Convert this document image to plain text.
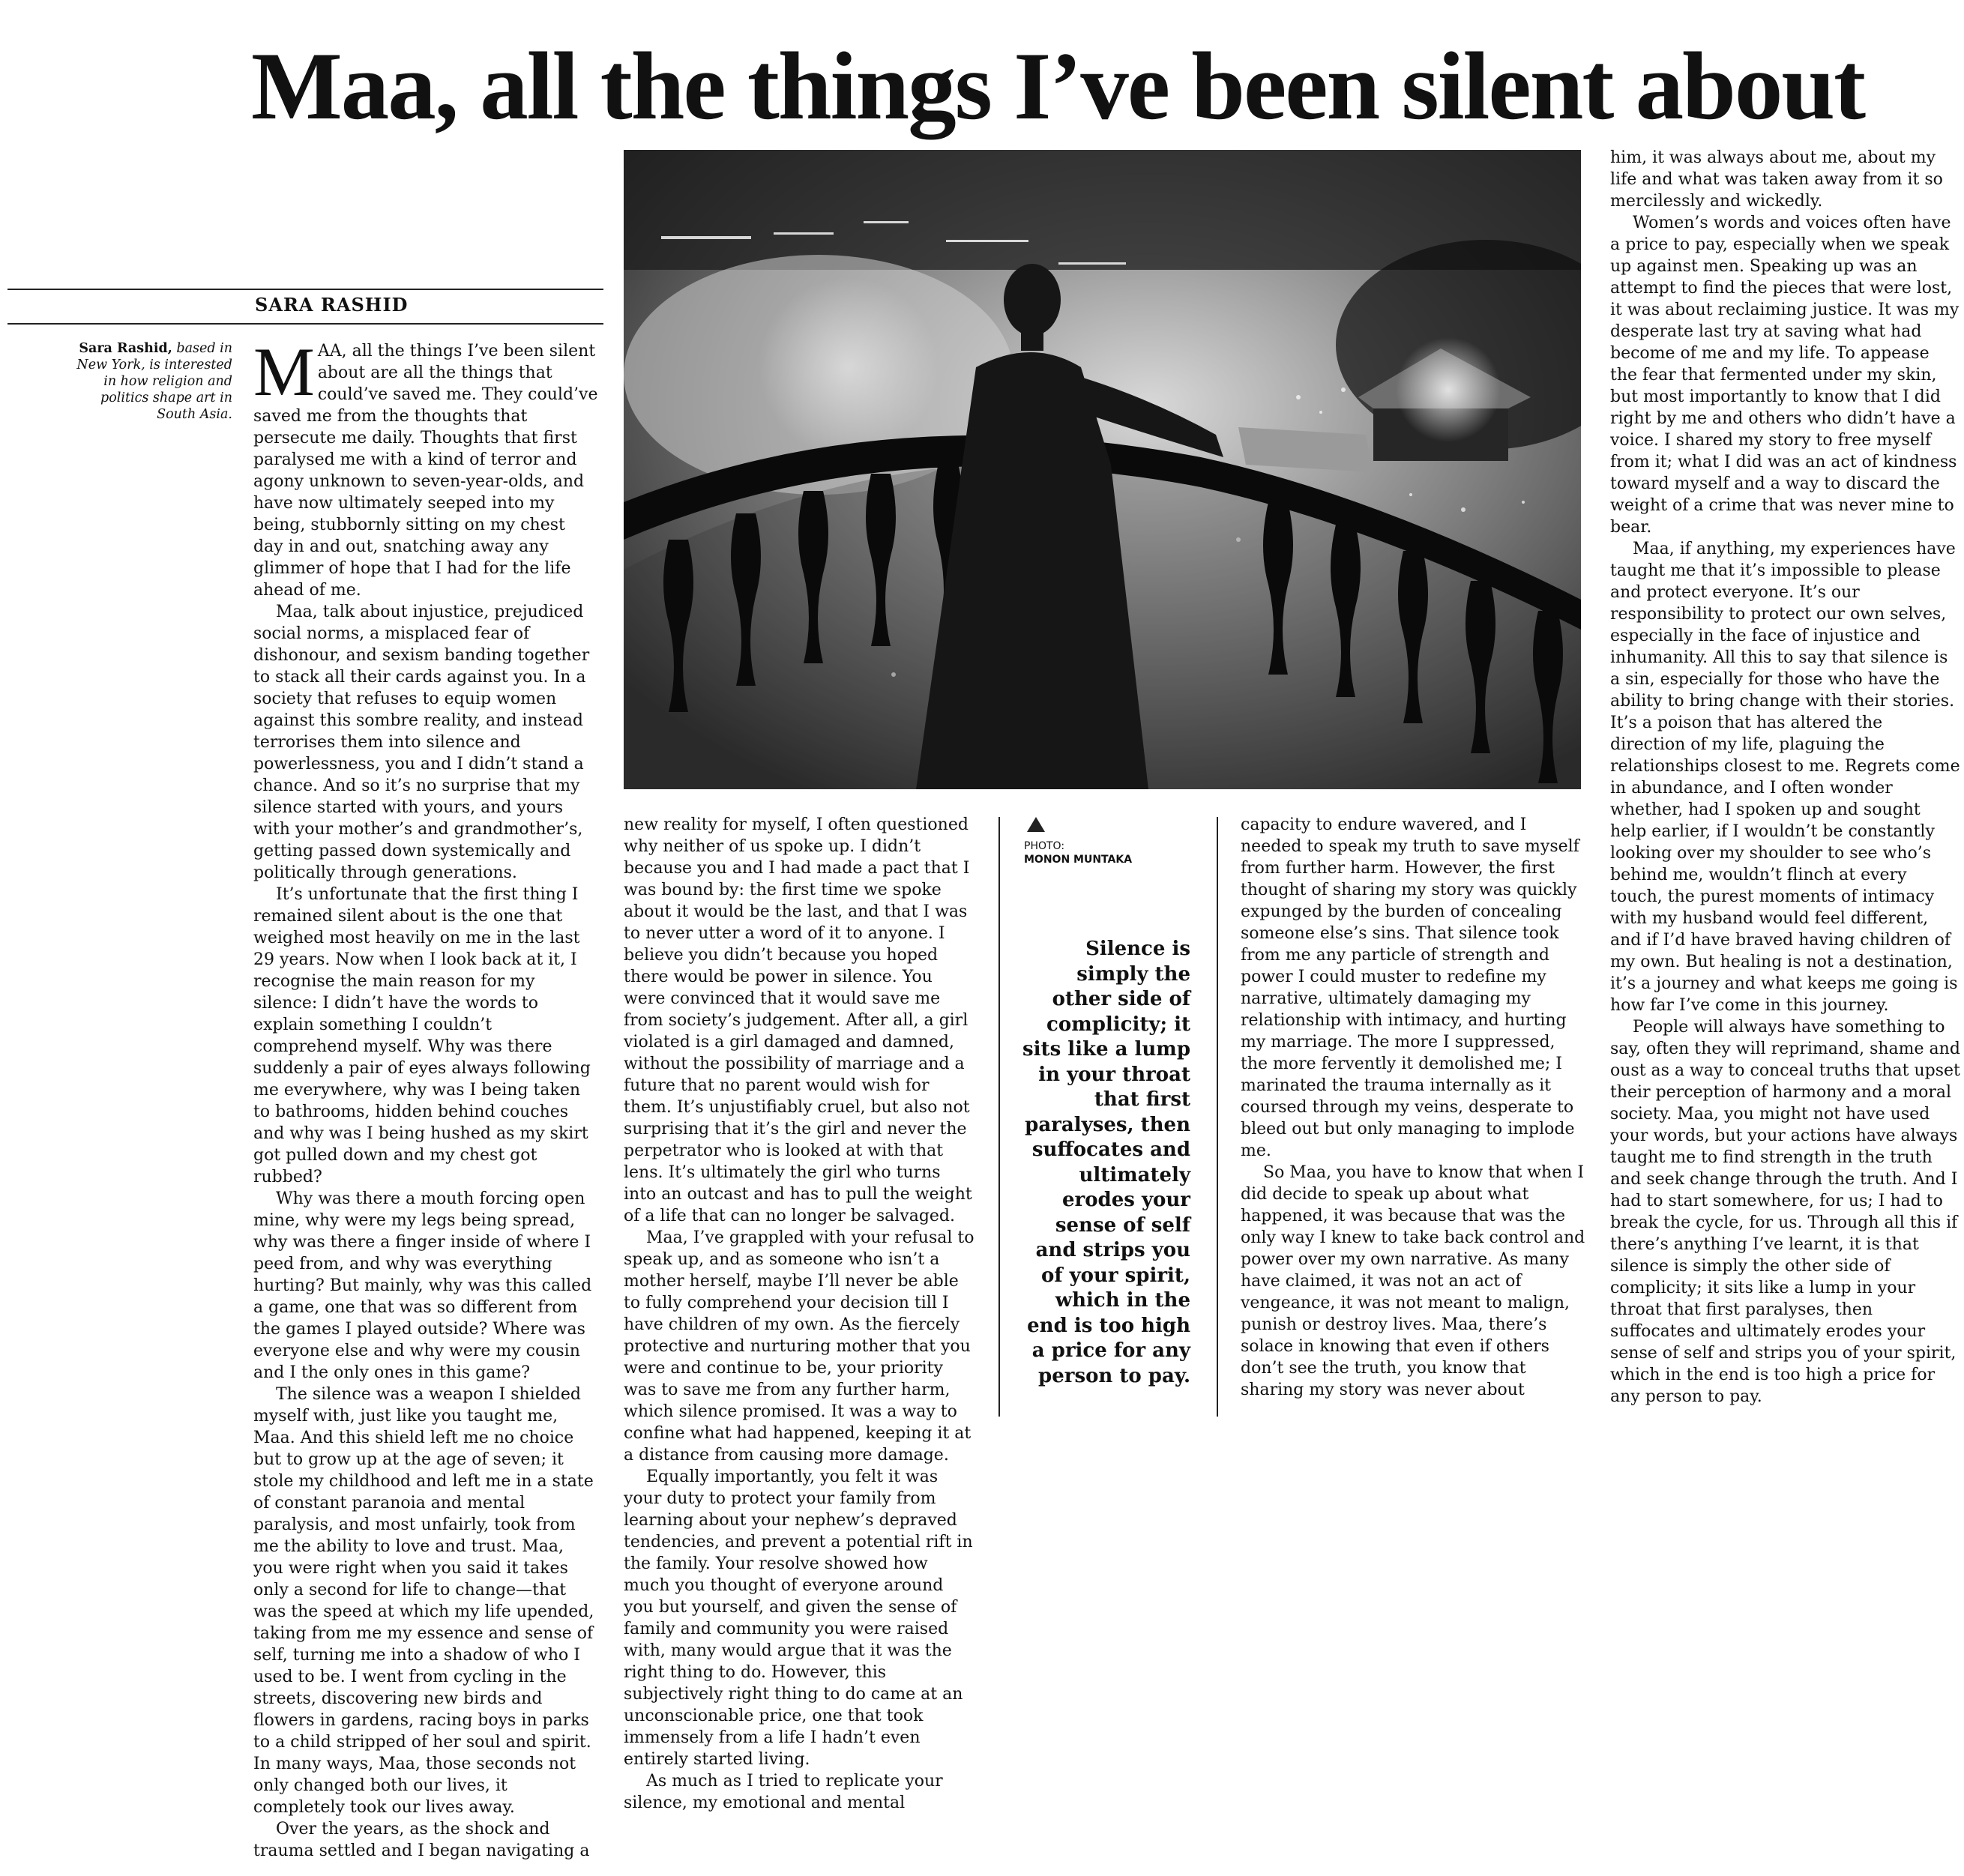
Maa, all the things I’ve been silent about
SARA RASHID
Sara Rashid, based in New York, is interested in how religion and politics shape art in South Asia.

MAA, all the things I’ve been silent about are all the things that could’ve saved me. They could’ve saved me from the thoughts that persecute me daily. Thoughts that first paralysed me with a kind of terror and agony unknown to seven-year-olds, and have now ultimately seeped into my being, stubbornly sitting on my chest day in and out, snatching away any glimmer of hope that I had for the life ahead of me.

Maa, talk about injustice, prejudiced social norms, a misplaced fear of dishonour, and sexism banding together to stack all their cards against you. In a society that refuses to equip women against this sombre reality, and instead terrorises them into silence and powerlessness, you and I didn’t stand a chance. And so it’s no surprise that my silence started with yours, and yours with your mother’s and grandmother’s, getting passed down systemically and politically through generations.

It’s unfortunate that the first thing I remained silent about is the one that weighed most heavily on me in the last 29 years. Now when I look back at it, I recognise the main reason for my silence: I didn’t have the words to explain something I couldn’t comprehend myself. Why was there suddenly a pair of eyes always following me everywhere, why was I being taken to bathrooms, hidden behind couches and why was I being hushed as my skirt got pulled down and my chest got rubbed?

Why was there a mouth forcing open mine, why were my legs being spread, why was there a finger inside of where I peed from, and why was everything hurting? But mainly, why was this called a game, one that was so different from the games I played outside? Where was everyone else and why were my cousin and I the only ones in this game?

The silence was a weapon I shielded myself with, just like you taught me, Maa. And this shield left me no choice but to grow up at the age of seven; it stole my childhood and left me in a state of constant paranoia and mental paralysis, and most unfairly, took from me the ability to love and trust. Maa, you were right when you said it takes only a second for life to change—that was the speed at which my life upended, taking from me my essence and sense of self, turning me into a shadow of who I used to be. I went from cycling in the streets, discovering new birds and flowers in gardens, racing boys in parks to a child stripped of her soul and spirit. In many ways, Maa, those seconds not only changed both our lives, it completely took our lives away.

Over the years, as the shock and trauma settled and I began navigating a

PHOTO:
MONON MUNTAKA
Silence is simply the other side of complicity; it sits like a lump in your throat that first paralyses, then suffocates and ultimately erodes your sense of self and strips you of your spirit, which in the end is too high a price for any person to pay.

new reality for myself, I often questioned why neither of us spoke up. I didn’t because you and I had made a pact that I was bound by: the first time we spoke about it would be the last, and that I was to never utter a word of it to anyone. I believe you didn’t because you hoped there would be power in silence. You were convinced that it would save me from society’s judgement. After all, a girl violated is a girl damaged and damned, without the possibility of marriage and a future that no parent would wish for them. It’s unjustifiably cruel, but also not surprising that it’s the girl and never the perpetrator who is looked at with that lens. It’s ultimately the girl who turns into an outcast and has to pull the weight of a life that can no longer be salvaged.

Maa, I’ve grappled with your refusal to speak up, and as someone who isn’t a mother herself, maybe I’ll never be able to fully comprehend your decision till I have children of my own. As the fiercely protective and nurturing mother that you were and continue to be, your priority was to save me from any further harm, which silence promised. It was a way to confine what had happened, keeping it at a distance from causing more damage.

Equally importantly, you felt it was your duty to protect your family from learning about your nephew’s depraved tendencies, and prevent a potential rift in the family. Your resolve showed how much you thought of everyone around you but yourself, and given the sense of family and community you were raised with, many would argue that it was the right thing to do. However, this subjectively right thing to do came at an unconscionable price, one that took immensely from a life I hadn’t even entirely started living.

As much as I tried to replicate your silence, my emotional and mental

capacity to endure wavered, and I needed to speak my truth to save myself from further harm. However, the first thought of sharing my story was quickly expunged by the burden of concealing someone else’s sins. That silence took from me any particle of strength and power I could muster to redefine my narrative, ultimately damaging my relationship with intimacy, and hurting my marriage. The more I suppressed, the more fervently it demolished me; I marinated the trauma internally as it coursed through my veins, desperate to bleed out but only managing to implode me.

So Maa, you have to know that when I did decide to speak up about what happened, it was because that was the only way I knew to take back control and power over my own narrative. As many have claimed, it was not an act of vengeance, it was not meant to malign, punish or destroy lives. Maa, there’s solace in knowing that even if others don’t see the truth, you know that sharing my story was never about

him, it was always about me, about my life and what was taken away from it so mercilessly and wickedly.

Women’s words and voices often have a price to pay, especially when we speak up against men. Speaking up was an attempt to find the pieces that were lost, it was about reclaiming justice. It was my desperate last try at saving what had become of me and my life. To appease the fear that fermented under my skin, but most importantly to know that I did right by me and others who didn’t have a voice. I shared my story to free myself from it; what I did was an act of kindness toward myself and a way to discard the weight of a crime that was never mine to bear.

Maa, if anything, my experiences have taught me that it’s impossible to please and protect everyone. It’s our responsibility to protect our own selves, especially in the face of injustice and inhumanity. All this to say that silence is a sin, especially for those who have the ability to bring change with their stories. It’s a poison that has altered the direction of my life, plaguing the relationships closest to me. Regrets come in abundance, and I often wonder whether, had I spoken up and sought help earlier, if I wouldn’t be constantly looking over my shoulder to see who’s behind me, wouldn’t flinch at every touch, the purest moments of intimacy with my husband would feel different, and if I’d have braved having children of my own. But healing is not a destination, it’s a journey and what keeps me going is how far I’ve come in this journey.

People will always have something to say, often they will reprimand, shame and oust as a way to conceal truths that upset their perception of harmony and a moral society. Maa, you might not have used your words, but your actions have always taught me to find strength in the truth and seek change through the truth. And I had to start somewhere, for us; I had to break the cycle, for us. Through all this if there’s anything I’ve learnt, it is that silence is simply the other side of complicity; it sits like a lump in your throat that first paralyses, then suffocates and ultimately erodes your sense of self and strips you of your spirit, which in the end is too high a price for any person to pay.
